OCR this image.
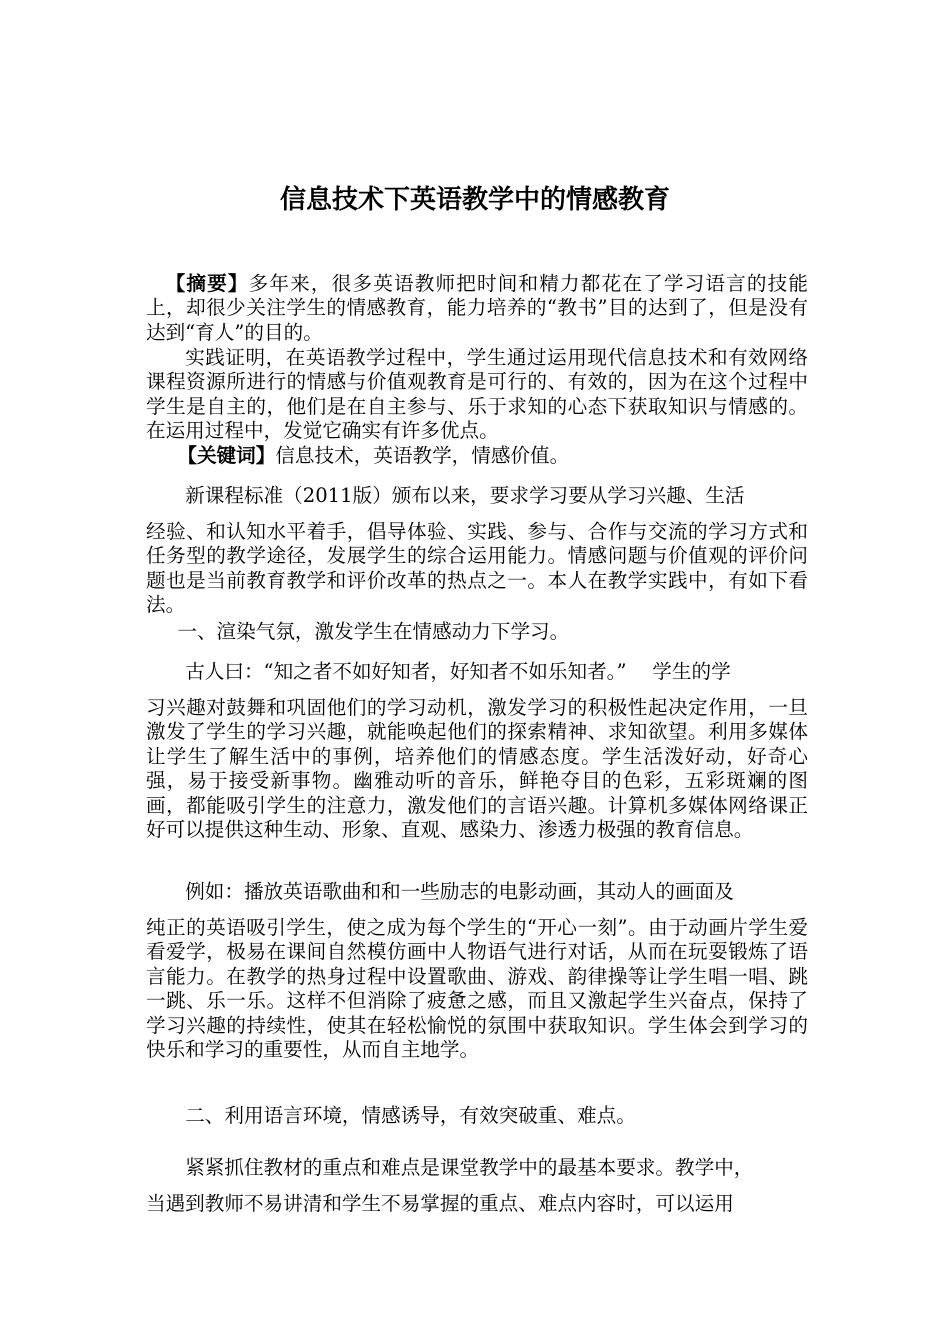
信息技术下英语教学中的情感教育

【摘要】多年来，很多英语教师把时间和精力都花在了学习语言的技能上，却很少关注学生的情感教育，能力培养的“教书”目的达到了，但是没有达到“育人”的目的。

实践证明，在英语教学过程中，学生通过运用现代信息技术和有效网络课程资源所进行的情感与价值观教育是可行的、有效的，因为在这个过程中学生是自主的，他们是在自主参与、乐于求知的心态下获取知识与情感的。在运用过程中，发觉它确实有许多优点。

【关键词】信息技术，英语教学，情感价值。

新课程标准（2011版）颁布以来，要求学习要从学习兴趣、生活

经验、和认知水平着手，倡导体验、实践、参与、合作与交流的学习方式和任务型的教学途径，发展学生的综合运用能力。情感问题与价值观的评价问题也是当前教育教学和评价改革的热点之一。本人在教学实践中，有如下看法。

一、渲染气氛，激发学生在情感动力下学习。

古人曰：“知之者不如好知者，好知者不如乐知者。”　 学生的学

习兴趣对鼓舞和巩固他们的学习动机，激发学习的积极性起决定作用，一旦激发了学生的学习兴趣，就能唤起他们的探索精神、求知欲望。利用多媒体让学生了解生活中的事例，培养他们的情感态度。学生活泼好动，好奇心强，易于接受新事物。幽雅动听的音乐，鲜艳夺目的色彩，五彩斑斓的图画，都能吸引学生的注意力，激发他们的言语兴趣。计算机多媒体网络课正好可以提供这种生动、形象、直观、感染力、渗透力极强的教育信息。

例如：播放英语歌曲和和一些励志的电影动画，其动人的画面及

纯正的英语吸引学生，使之成为每个学生的“开心一刻”。由于动画片学生爱看爱学，极易在课间自然模仿画中人物语气进行对话，从而在玩耍锻炼了语言能力。在教学的热身过程中设置歌曲、游戏、韵律操等让学生唱一唱、跳一跳、乐一乐。这样不但消除了疲惫之感，而且又激起学生兴奋点，保持了学习兴趣的持续性，使其在轻松愉悦的氛围中获取知识。学生体会到学习的快乐和学习的重要性，从而自主地学。

二、利用语言环境，情感诱导，有效突破重、难点。

紧紧抓住教材的重点和难点是课堂教学中的最基本要求。教学中，

当遇到教师不易讲清和学生不易掌握的重点、难点内容时，可以运用
